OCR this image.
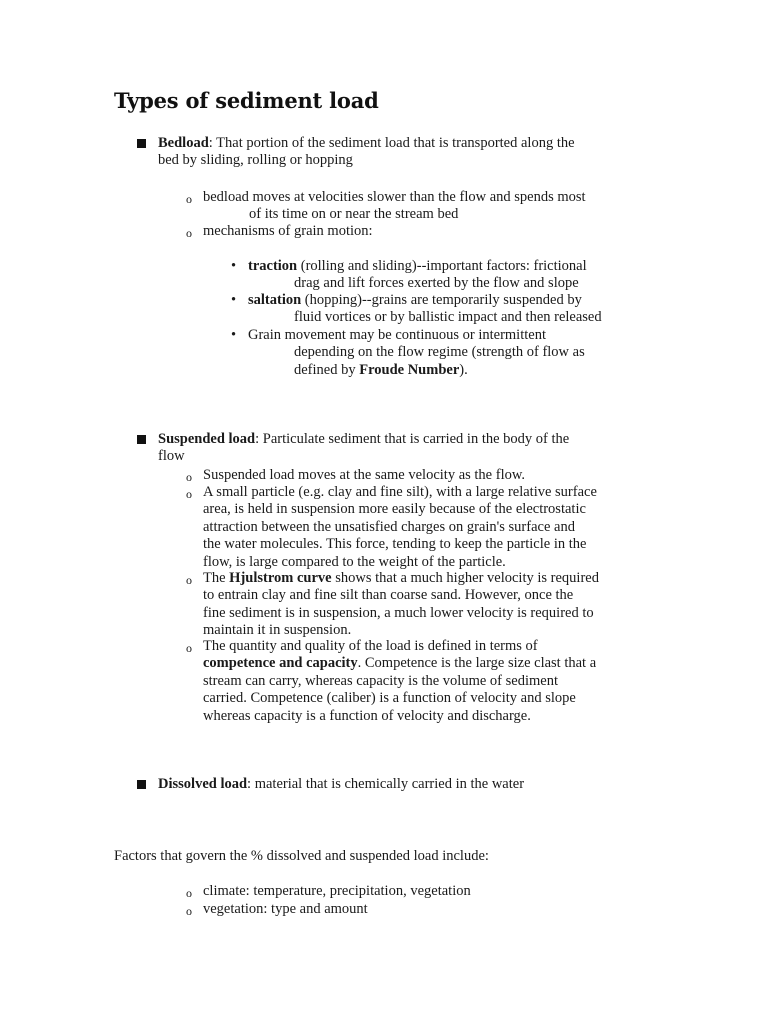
Types of sediment load
Bedload: That portion of the sediment load that is transported along the
bed by sliding, rolling or hopping
o bedload moves at velocities slower than the flow and spends most
of its time on or near the stream bed
o mechanisms of grain motion:
• traction (rolling and sliding)--important factors: frictional
drag and lift forces exerted by the flow and slope
• saltation (hopping)--grains are temporarily suspended by
fluid vortices or by ballistic impact and then released
• Grain movement may be continuous or intermittent
depending on the flow regime (strength of flow as
defined by Froude Number).
Suspended load: Particulate sediment that is carried in the body of the
flow
o Suspended load moves at the same velocity as the flow.
o A small particle (e.g. clay and fine silt), with a large relative surface
area, is held in suspension more easily because of the electrostatic
attraction between the unsatisfied charges on grain's surface and
the water molecules. This force, tending to keep the particle in the
flow, is large compared to the weight of the particle.
o The Hjulstrom curve shows that a much higher velocity is required
to entrain clay and fine silt than coarse sand. However, once the
fine sediment is in suspension, a much lower velocity is required to
maintain it in suspension.
o The quantity and quality of the load is defined in terms of
competence and capacity. Competence is the large size clast that a
stream can carry, whereas capacity is the volume of sediment
carried. Competence (caliber) is a function of velocity and slope
whereas capacity is a function of velocity and discharge.
Dissolved load: material that is chemically carried in the water
Factors that govern the % dissolved and suspended load include:
o climate: temperature, precipitation, vegetation
o vegetation: type and amount
